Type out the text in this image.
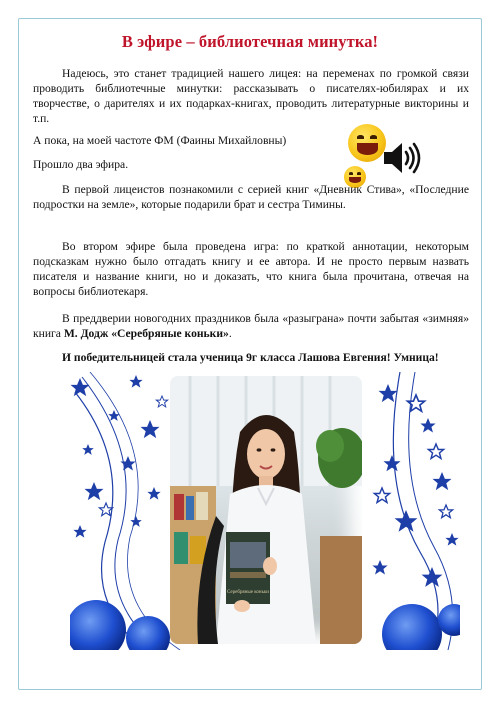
В эфире – библиотечная минутка!

Надеюсь, это станет традицией нашего лицея: на переменах по громкой связи проводить библиотечные минутки: рассказывать о писателях-юбилярах и их творчестве, о дарителях и их подарках-книгах, проводить литературные викторины и т.п.

А пока, на моей частоте ФМ (Фаины Михайловны)

Прошло два эфира.

В первой лицеистов познакомили с серией книг «Дневник Стива», «Последние подростки на земле», которые подарили брат и сестра Тимины.

Во втором эфире была проведена игра: по краткой аннотации, некоторым подсказкам нужно было отгадать книгу и ее автора. И не просто первым назвать писателя и название книги, но и доказать, что книга была прочитана, отвечая на вопросы библиотекаря.

В преддверии новогодних праздников была «разыграна» почти забытая «зимняя» книга М. Додж «Серебряные коньки».

И победительницей стала ученица 9г класса Лашова Евгения! Умница!

Серебряные коньки
